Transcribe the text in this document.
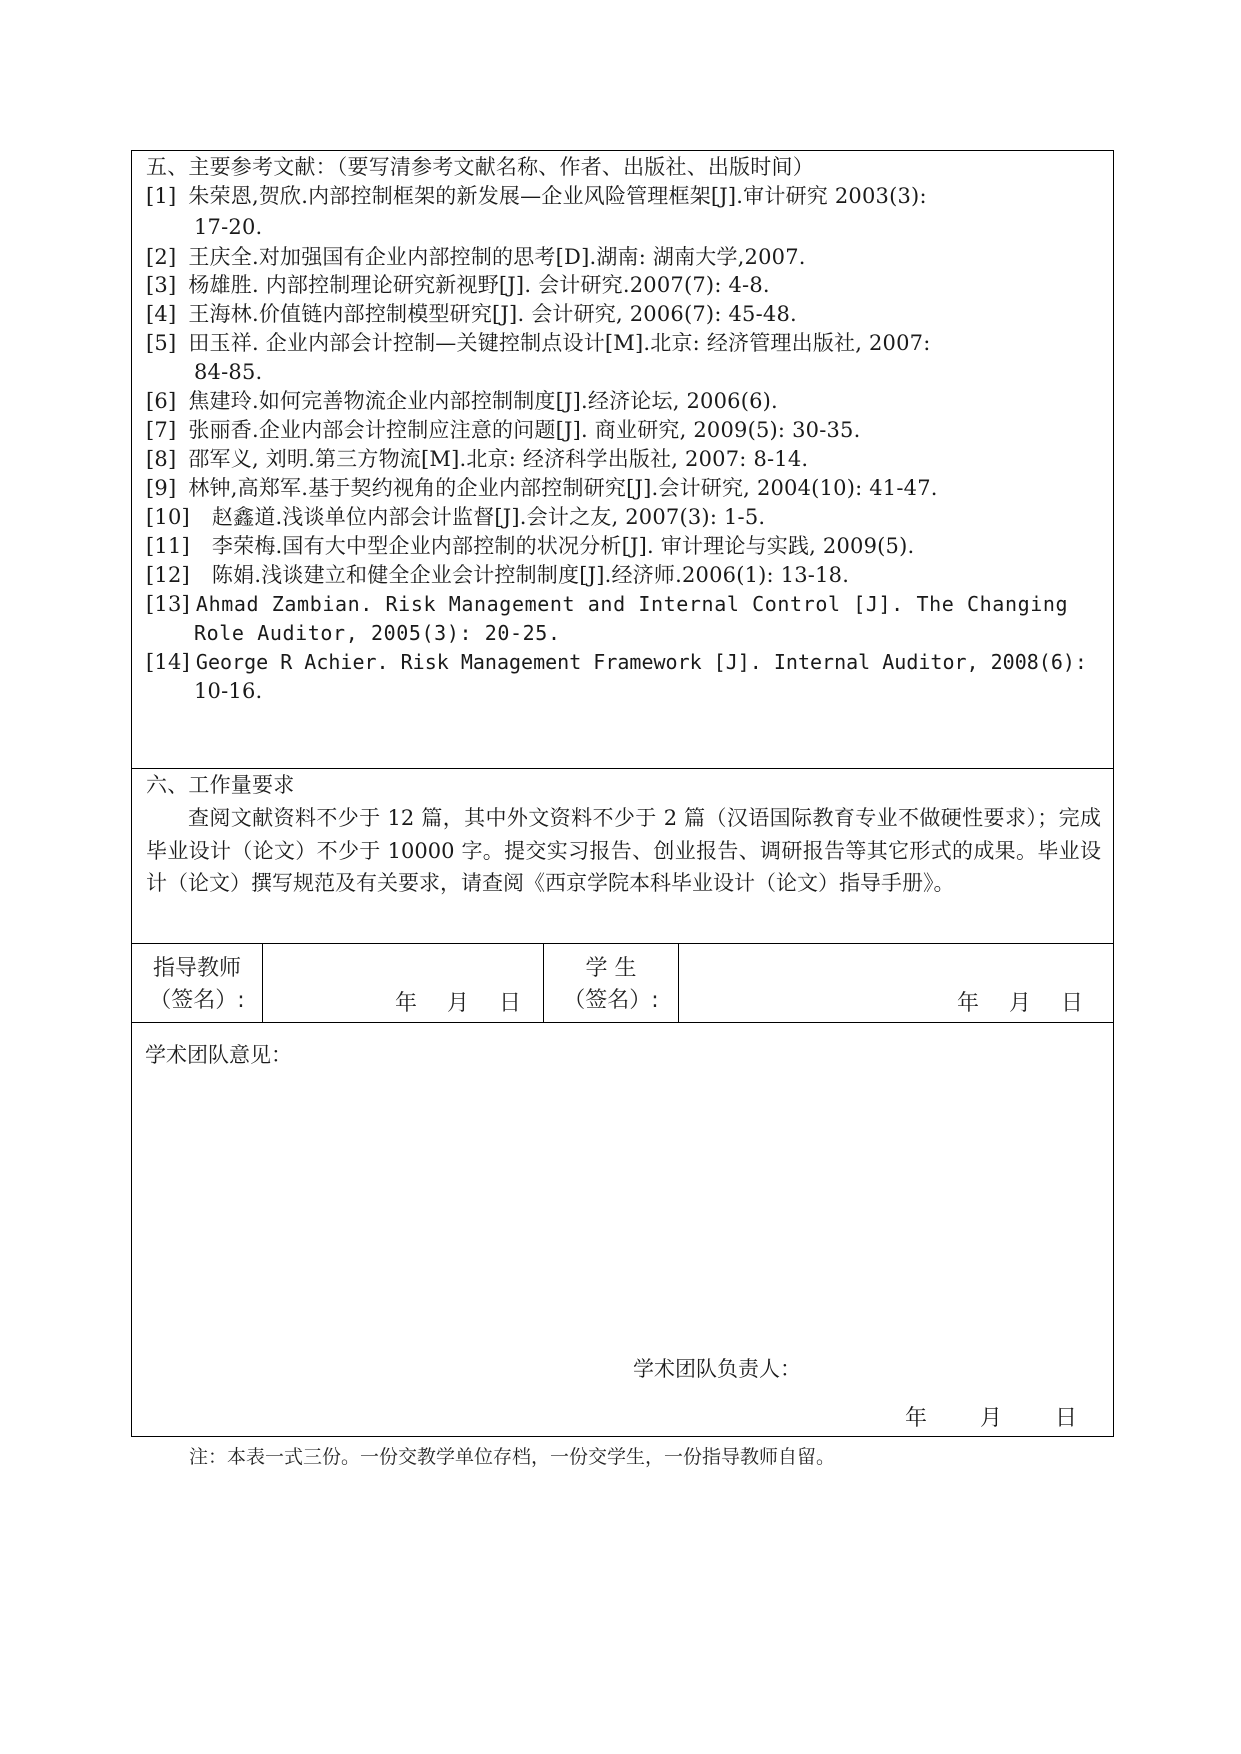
五、主要参考文献：（要写清参考文献名称、作者、出版社、出版时间）
[1] 朱荣恩,贺欣.内部控制框架的新发展—企业风险管理框架[J].审计研究 2003(3):
17-20.
[2] 王庆全.对加强国有企业内部控制的思考[D].湖南: 湖南大学,2007.
[3] 杨雄胜. 内部控制理论研究新视野[J]. 会计研究.2007(7): 4-8.
[4] 王海林.价值链内部控制模型研究[J]. 会计研究, 2006(7): 45-48.
[5] 田玉祥. 企业内部会计控制—关键控制点设计[M].北京: 经济管理出版社, 2007:
84-85.
[6] 焦建玲.如何完善物流企业内部控制制度[J].经济论坛, 2006(6).
[7] 张丽香.企业内部会计控制应注意的问题[J]. 商业研究, 2009(5): 30-35.
[8] 邵军义, 刘明.第三方物流[M].北京: 经济科学出版社, 2007: 8-14.
[9] 林钟,高郑军.基于契约视角的企业内部控制研究[J].会计研究, 2004(10): 41-47.
[10]	赵鑫道.浅谈单位内部会计监督[J].会计之友, 2007(3): 1-5.
[11]	李荣梅.国有大中型企业内部控制的状况分析[J]. 审计理论与实践, 2009(5).
[12]	陈娟.浅谈建立和健全企业会计控制制度[J].经济师.2006(1): 13-18.
[13] Ahmad Zambian. Risk Management and Internal Control [J]. The Changing
Role Auditor, 2005(3): 20-25.
[14] George R Achier. Risk Management Framework [J]. Internal Auditor, 2008(6):
10-16.
六、工作量要求
查阅文献资料不少于 12 篇，其中外文资料不少于 2 篇（汉语国际教育专业不做硬性要求）；完成毕业设计（论文）不少于 10000 字。提交实习报告、创业报告、调研报告等其它形式的成果。毕业设计（论文）撰写规范及有关要求，请查阅《西京学院本科毕业设计（论文）指导手册》。
指导教师
（签名）:	年 月 日
学 生
（签名）:	年 月 日
学术团队意见：
学术团队负责人：
年 月 日
注：本表一式三份。一份交教学单位存档，一份交学生，一份指导教师自留。
